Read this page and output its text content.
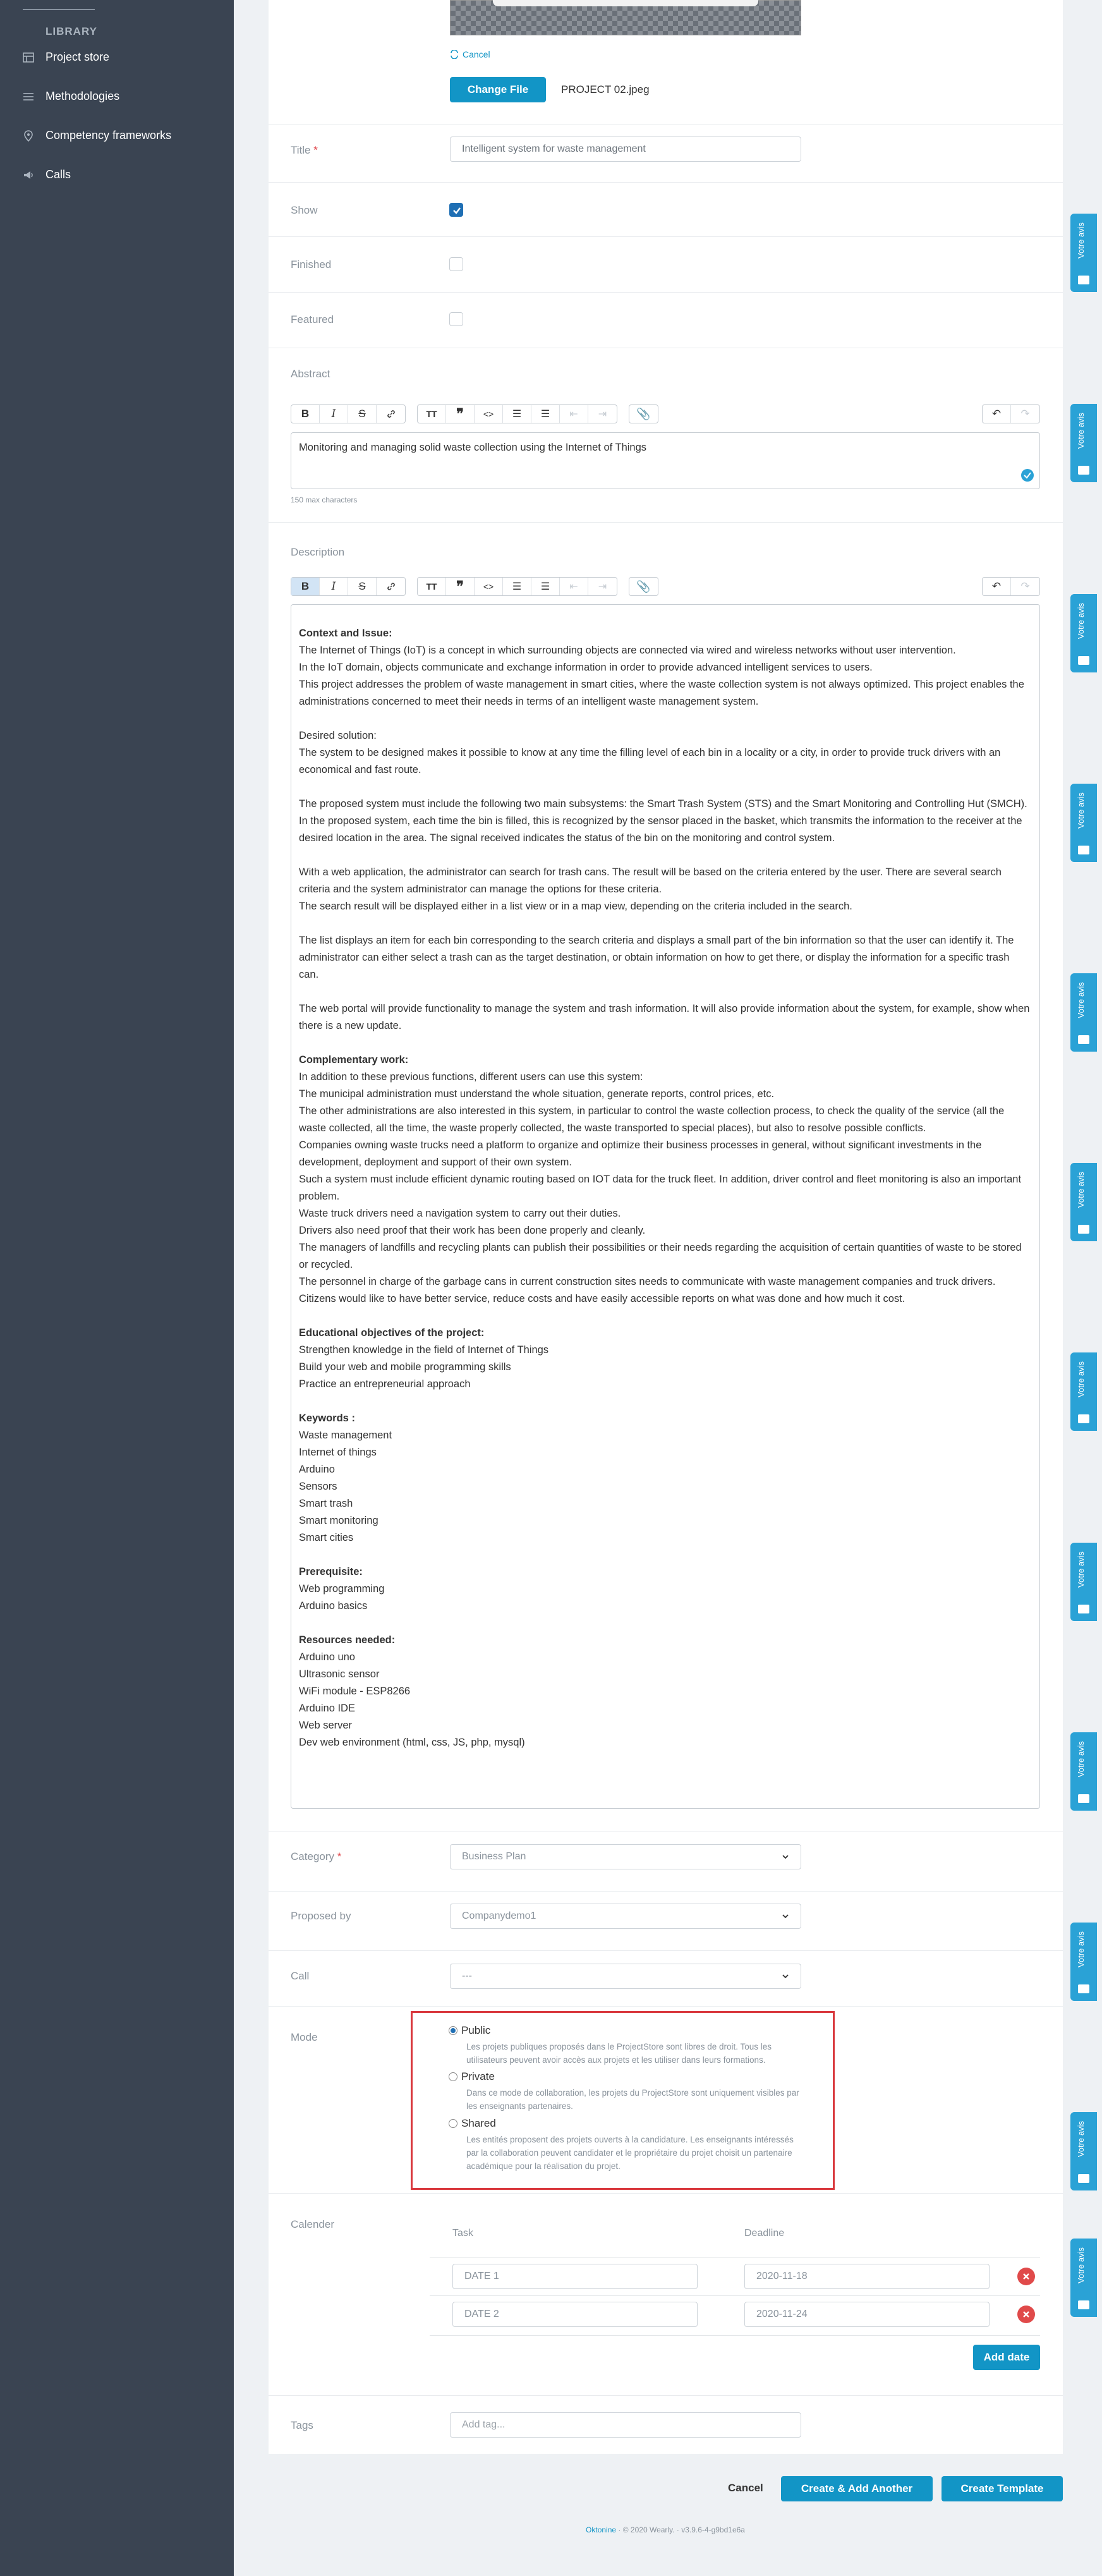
LIBRARY
Project store
Methodologies
Competency frameworks
Calls
Cancel
Change File	PROJECT 02.jpeg
Title *	Intelligent system for waste management
Show
Finished
Featured
Abstract
B I S	TT ❞ <> ☰ ☰ ⇤ ⇥	📎	↶ ↷

Monitoring and managing solid waste collection using the Internet of Things

150 max characters
Description
B I S	TT ❞ <> ☰ ☰ ⇤ ⇥	📎	↶ ↷

Context and Issue:

The Internet of Things (IoT) is a concept in which surrounding objects are connected via wired and wireless networks without user intervention.

In the IoT domain, objects communicate and exchange information in order to provide advanced intelligent services to users.

This project addresses the problem of waste management in smart cities, where the waste collection system is not always optimized. This project enables the administrations concerned to meet their needs in terms of an intelligent waste management system.

Desired solution:

The system to be designed makes it possible to know at any time the filling level of each bin in a locality or a city, in order to provide truck drivers with an economical and fast route.

The proposed system must include the following two main subsystems: the Smart Trash System (STS) and the Smart Monitoring and Controlling Hut (SMCH).

In the proposed system, each time the bin is filled, this is recognized by the sensor placed in the basket, which transmits the information to the receiver at the desired location in the area. The signal received indicates the status of the bin on the monitoring and control system.

With a web application, the administrator can search for trash cans. The result will be based on the criteria entered by the user. There are several search criteria and the system administrator can manage the options for these criteria.

The search result will be displayed either in a list view or in a map view, depending on the criteria included in the search.

The list displays an item for each bin corresponding to the search criteria and displays a small part of the bin information so that the user can identify it. The administrator can either select a trash can as the target destination, or obtain information on how to get there, or display the information for a specific trash can.

The web portal will provide functionality to manage the system and trash information. It will also provide information about the system, for example, show when there is a new update.

Complementary work:

In addition to these previous functions, different users can use this system:

The municipal administration must understand the whole situation, generate reports, control prices, etc.

The other administrations are also interested in this system, in particular to control the waste collection process, to check the quality of the service (all the waste collected, all the time, the waste properly collected, the waste transported to special places), but also to resolve possible conflicts.

Companies owning waste trucks need a platform to organize and optimize their business processes in general, without significant investments in the development, deployment and support of their own system.

Such a system must include efficient dynamic routing based on IOT data for the truck fleet. In addition, driver control and fleet monitoring is also an important problem.

Waste truck drivers need a navigation system to carry out their duties.

Drivers also need proof that their work has been done properly and cleanly.

The managers of landfills and recycling plants can publish their possibilities or their needs regarding the acquisition of certain quantities of waste to be stored or recycled.

The personnel in charge of the garbage cans in current construction sites needs to communicate with waste management companies and truck drivers.

Citizens would like to have better service, reduce costs and have easily accessible reports on what was done and how much it cost.

Educational objectives of the project:

Strengthen knowledge in the field of Internet of Things

Build your web and mobile programming skills

Practice an entrepreneurial approach

Keywords :

Waste management

Internet of things

Arduino

Sensors

Smart trash

Smart monitoring

Smart cities

Prerequisite:

Web programming

Arduino basics

Resources needed:

Arduino uno

Ultrasonic sensor

WiFi module - ESP8266

Arduino IDE

Web server

Dev web environment (html, css, JS, php, mysql)

Category *	Business Plan
Proposed by	Companydemo1
Call	---
Mode
Public
Les projets publiques proposés dans le ProjectStore sont libres de droit. Tous les utilisateurs peuvent avoir accès aux projets et les utiliser dans leurs formations.
Private
Dans ce mode de collaboration, les projets du ProjectStore sont uniquement visibles par les enseignants partenaires.
Shared
Les entités proposent des projets ouverts à la candidature. Les enseignants intéressés par la collaboration peuvent candidater et le propriétaire du projet choisit un partenaire académique pour la réalisation du projet.
Calender
Task	Deadline
DATE 1	2020-11-18
DATE 2	2020-11-24
Add date
Tags	Add tag...
Cancel	Create & Add Another	Create Template
Oktonine · © 2020 Wearly. · v3.9.6-4-g9bd1e6a
Votre avis
Votre avis
Votre avis
Votre avis
Votre avis
Votre avis
Votre avis
Votre avis
Votre avis
Votre avis
Votre avis
Votre avis
